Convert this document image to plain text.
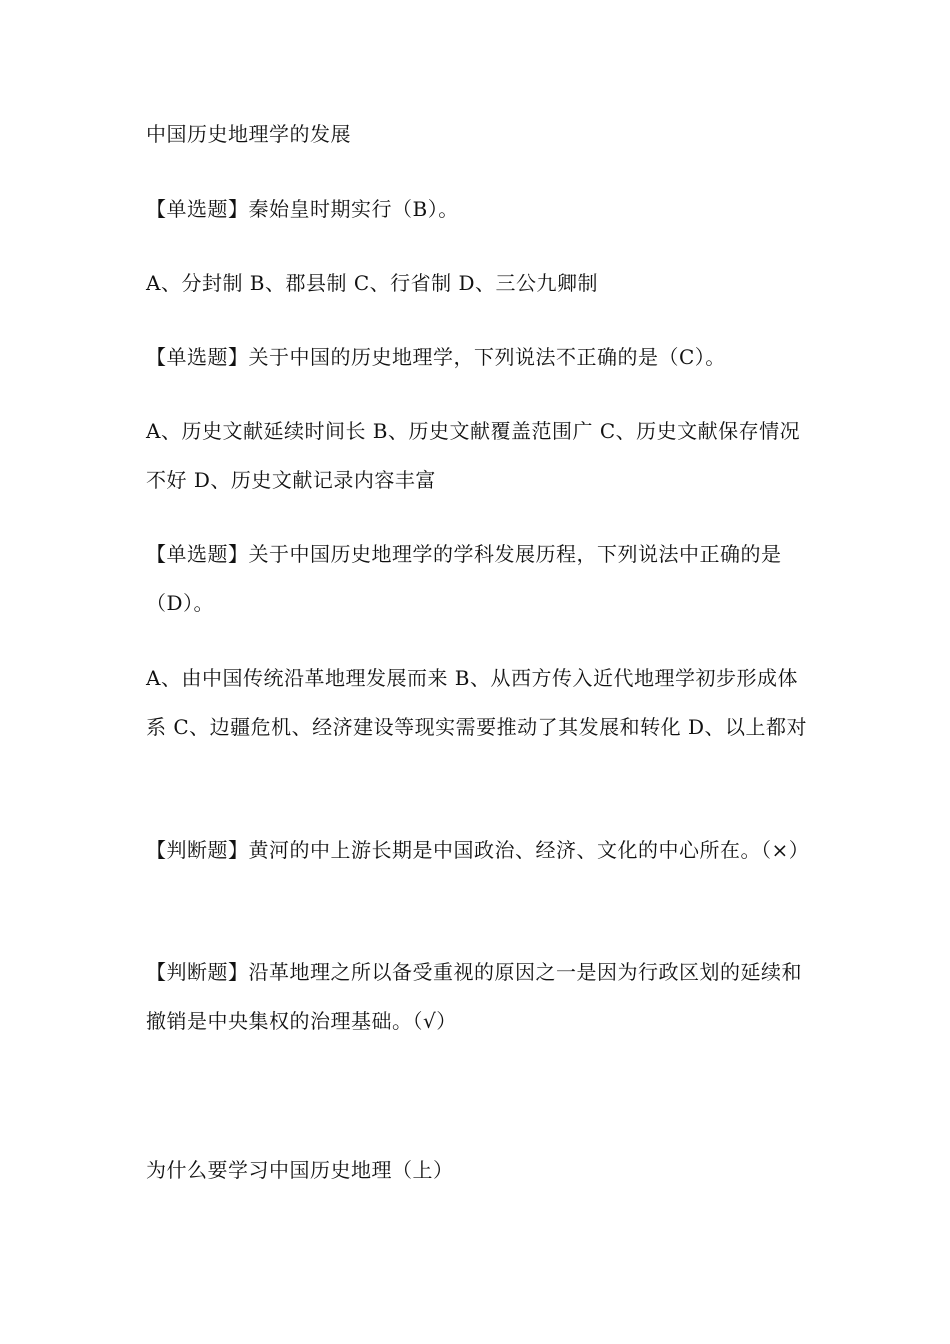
中国历史地理学的发展

【单选题】秦始皇时期实行（B）。

A、分封制 B、郡县制 C、行省制 D、三公九卿制

【单选题】关于中国的历史地理学，下列说法不正确的是（C）。

A、历史文献延续时间长 B、历史文献覆盖范围广 C、历史文献保存情况不好 D、历史文献记录内容丰富

【单选题】关于中国历史地理学的学科发展历程，下列说法中正确的是（D）。

A、由中国传统沿革地理发展而来 B、从西方传入近代地理学初步形成体系 C、边疆危机、经济建设等现实需要推动了其发展和转化 D、以上都对

【判断题】黄河的中上游长期是中国政治、经济、文化的中心所在。（×）

【判断题】沿革地理之所以备受重视的原因之一是因为行政区划的延续和撤销是中央集权的治理基础。（√）

为什么要学习中国历史地理（上）
